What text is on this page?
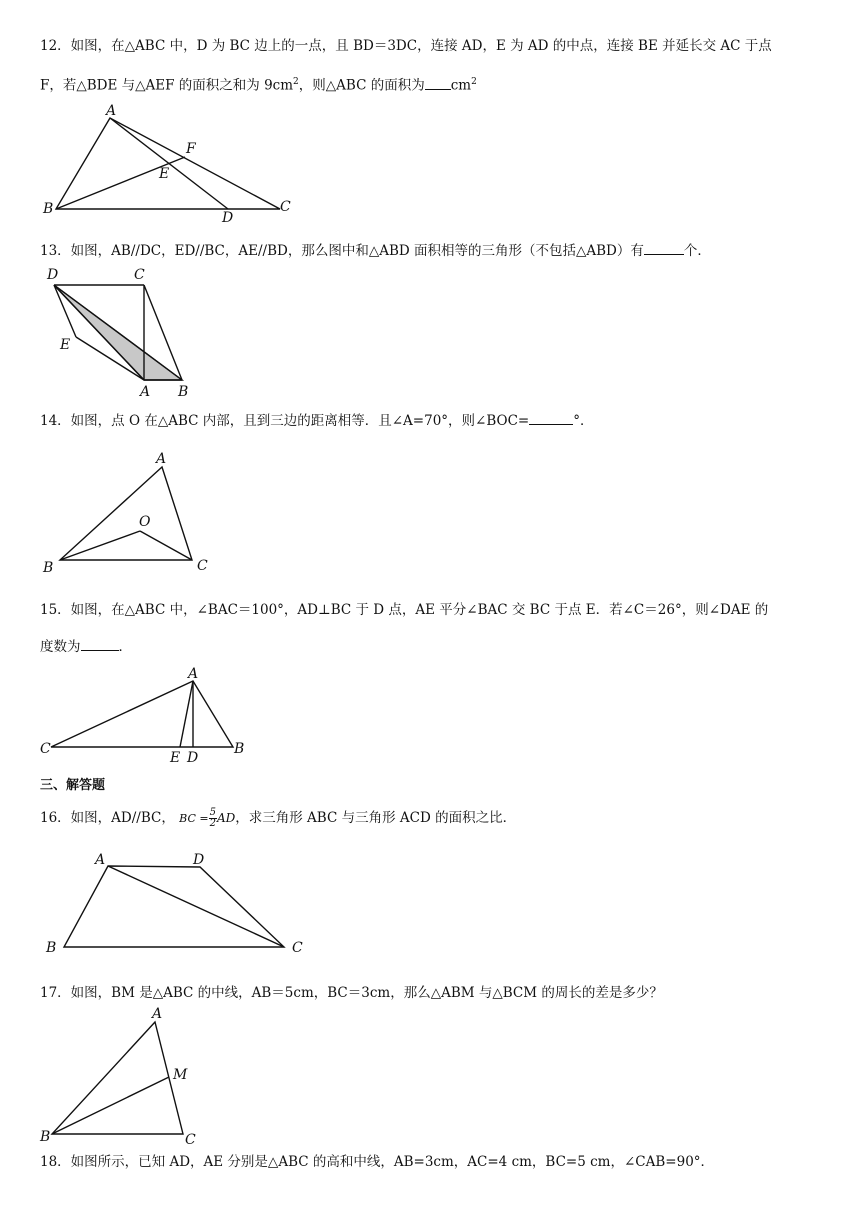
12．如图，在△ABC 中，D 为 BC 边上的一点，且 BD＝3DC，连接 AD，E 为 AD 的中点，连接 BE 并延长交 AC 于点
F，若△BDE 与△AEF 的面积之和为 $9cm^2$，则△ABC 的面积为 $cm^2$
A
B	C
D
E
F
13．如图，AB//DC，ED//BC，AE//BD，那么图中和△ABD 面积相等的三角形（不包括△ABD）有	个．
D	C
E
A B
14．如图，点 O 在△ABC 内部，且到三边的距离相等．且∠A=70°，则∠BOC=	°．
A
B	C
O
15．如图，在△ABC 中，∠BAC＝100°，AD⊥BC 于 D 点，AE 平分∠BAC 交 BC 于点 E．若∠C＝26°，则∠DAE 的
度数为	．
A
C	B
E D
三、解答题
16．如图，AD//BC， BC = $\frac{5}{2}$ AD，求三角形 ABC 与三角形 ACD 的面积之比．
A	D
B	C
17．如图，BM 是△ABC 的中线，AB＝5cm，BC＝3cm，那么△ABM 与△BCM 的周长的差是多少？
A
B	C
M
18．如图所示，已知 AD，AE 分别是△ABC 的高和中线，AB=3cm，AC=4 cm，BC=5 cm，∠CAB=90°．
